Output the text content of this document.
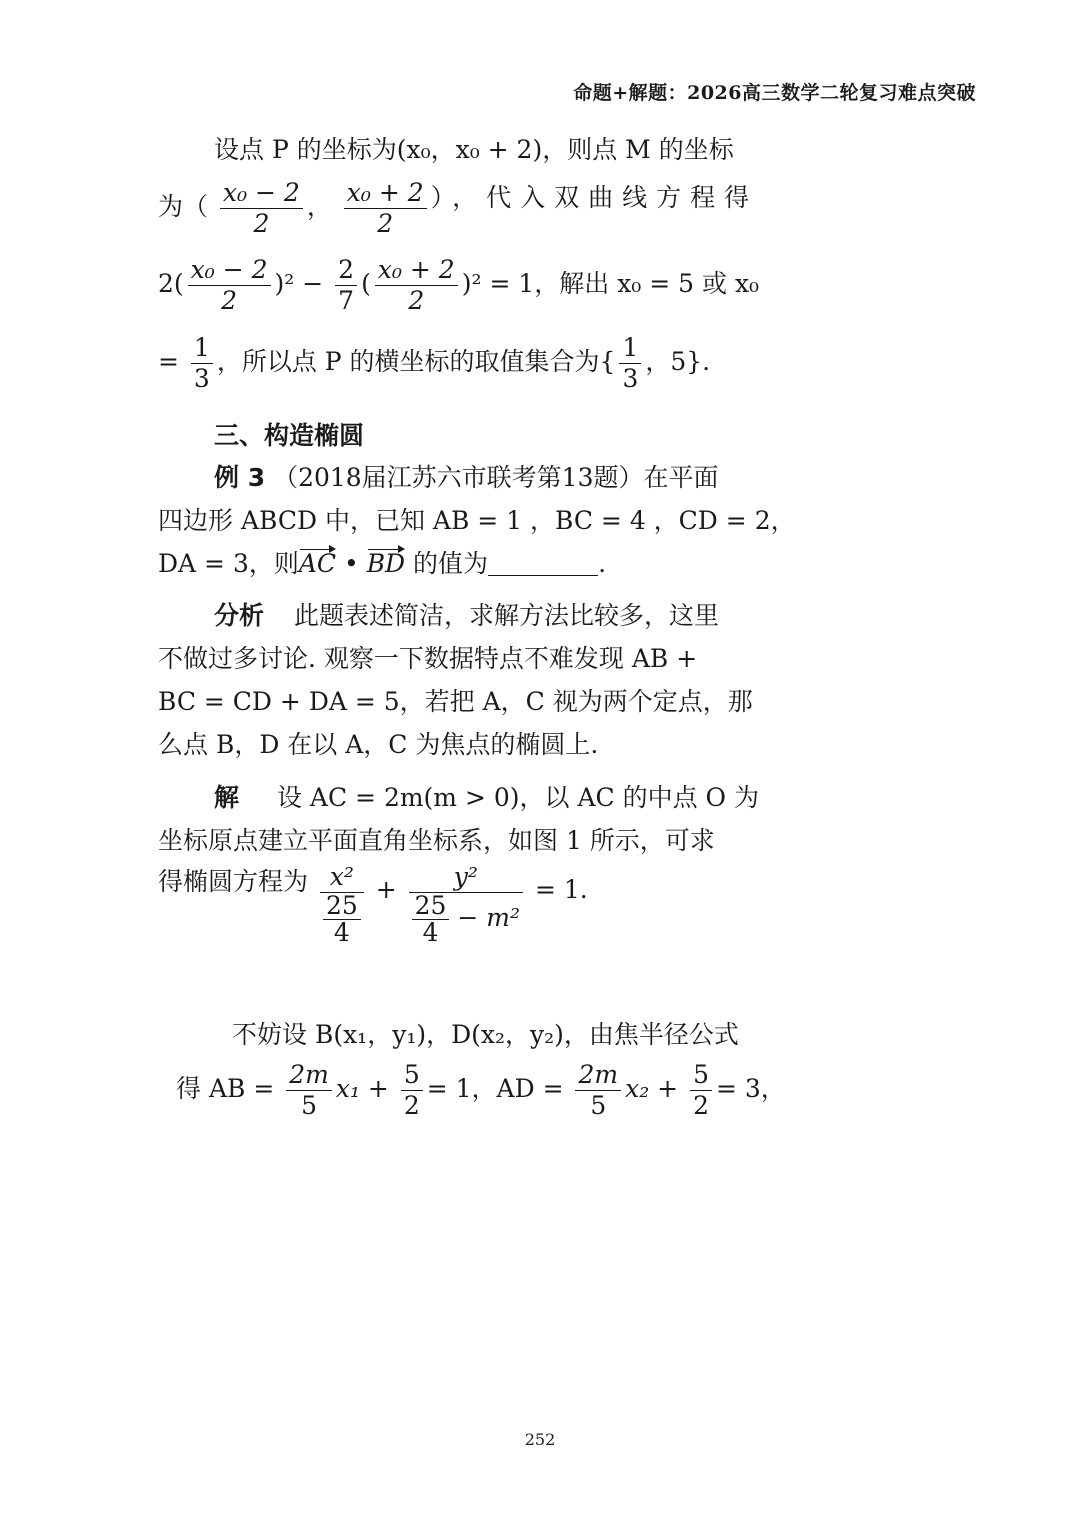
命题+解题：2026高三数学二轮复习难点突破
设点 P 的坐标为(x₀，x₀ + 2)，则点 M 的坐标
为（ $\frac{\text{x₀ − 2}}{2}$ ， $\frac{\text{x₀ + 2}}{2}$ ），代入双曲线方程得
$2( \frac{\text{x₀ − 2}}{2} )^2 - \frac{2}{7}$ ( $\frac{\text{x₀ + 2}}{2} )^2 = 1$，解出 x₀ = 5 或 x₀
= $\frac{1}{3}$ ，所以点 P 的横坐标的取值集合为{ $\frac{1}{3}$ ，5}.
三、构造椭圆
例 3 （2018届江苏六市联考第13题）在平面
四边形 ABCD 中，已知 AB = 1 ，BC = 4 ，CD = 2，
DA = 3，则AC • BD 的值为	.
分析 此题表述简洁，求解方法比较多，这里
不做过多讨论. 观察一下数据特点不难发现 AB +
BC = CD + DA = 5，若把 A，C 视为两个定点，那
么点 B，D 在以 A，C 为焦点的椭圆上.
解 设 AC = 2m(m > 0)，以 AC 的中点 O 为
坐标原点建立平面直角坐标系，如图 1 所示，可求
得椭圆方程为 $\frac{\text{x²}}{\frac{25}{4}} + \frac{\text{y²}}{\frac{25}{4} - m^2} = 1$.
不妨设 B(x₁，y₁)，D(x₂，y₂)，由焦半径公式
得 AB = $\frac{2m}{5} x_1 + \frac{5}{2} = 1$，AD = $\frac{2m}{5} x_2 + \frac{5}{2} = 3$，
252
